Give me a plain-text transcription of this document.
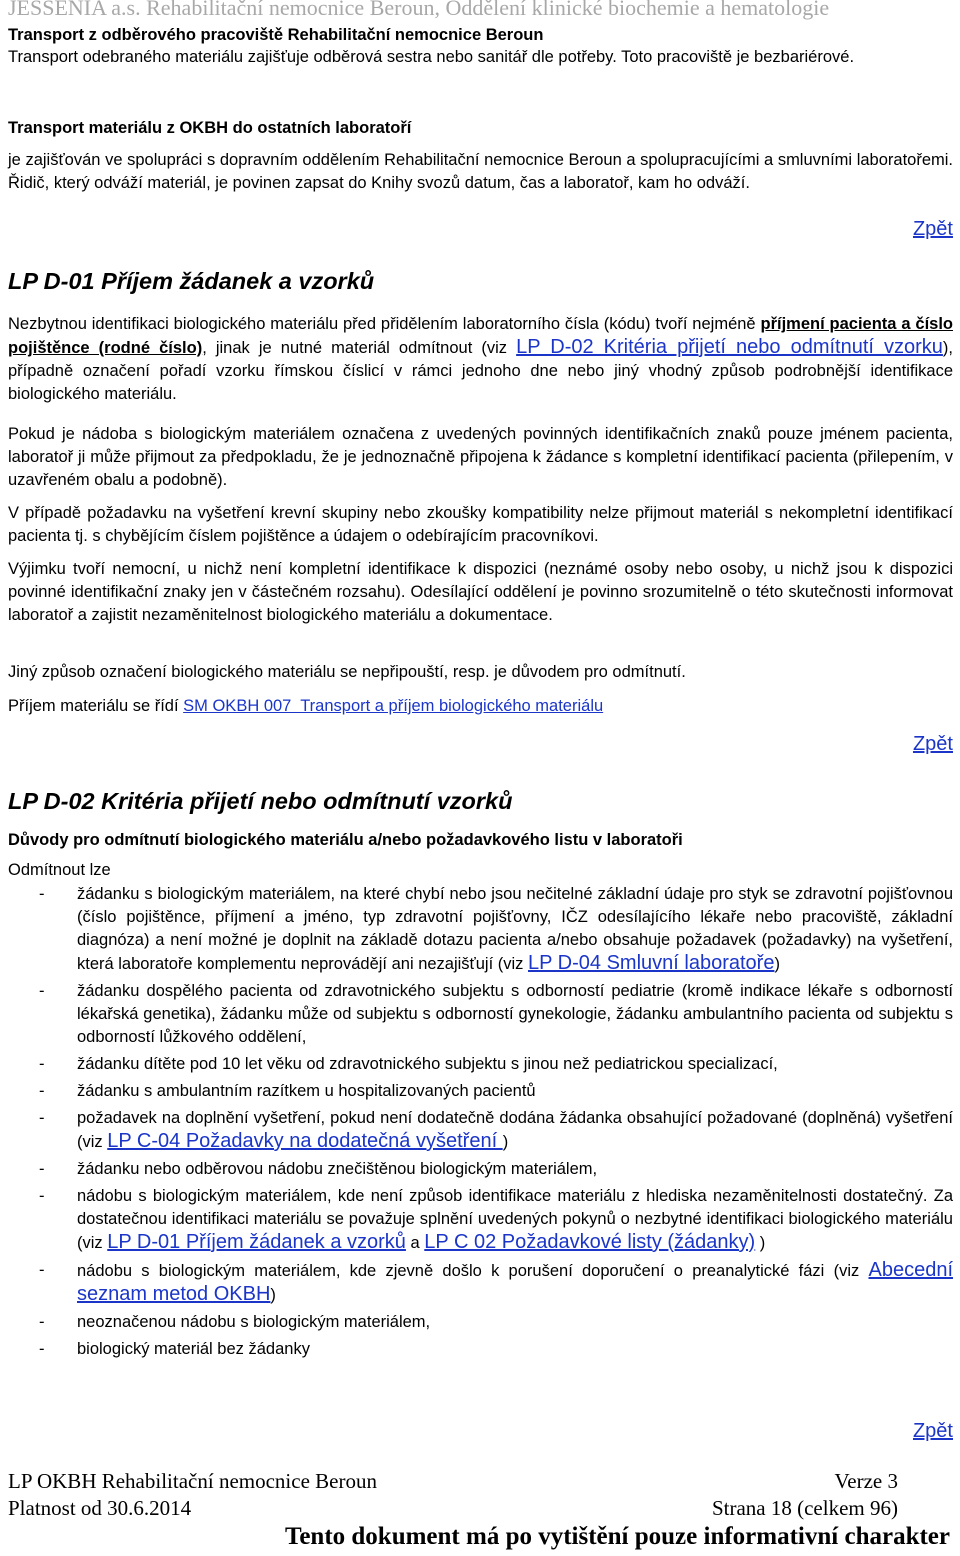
JESSENIA a.s. Rehabilitační nemocnice Beroun, Oddělení klinické biochemie a hematologie
Transport z odběrového pracoviště Rehabilitační nemocnice Beroun
Transport odebraného materiálu zajišťuje odběrová sestra nebo sanitář dle potřeby. Toto pracoviště je bezbariérové.
Transport materiálu z OKBH do ostatních laboratoří
je zajišťován ve spolupráci s dopravním oddělením Rehabilitační nemocnice Beroun a spolupracujícími a smluvními laboratořemi. Řidič, který odváží materiál, je povinen zapsat do Knihy svozů datum, čas a laboratoř, kam ho odváží.
Zpět
LP D-01 Příjem žádanek a vzorků
Nezbytnou identifikaci biologického materiálu před přidělením laboratorního čísla (kódu) tvoří nejméně příjmení pacienta a číslo pojištěnce (rodné číslo), jinak je nutné materiál odmítnout (viz LP D-02 Kritéria přijetí nebo odmítnutí vzorku), případně označení pořadí vzorku římskou číslicí v rámci jednoho dne nebo jiný vhodný způsob podrobnější identifikace biologického materiálu.
Pokud je nádoba s biologickým materiálem označena z uvedených povinných identifikačních znaků pouze jménem pacienta, laboratoř ji může přijmout za předpokladu, že je jednoznačně připojena k žádance s kompletní identifikací pacienta (přilepením, v uzavřeném obalu a podobně).
V případě požadavku na vyšetření krevní skupiny nebo zkoušky kompatibility nelze přijmout materiál s nekompletní identifikací pacienta tj. s chybějícím číslem pojištěnce a údajem o odebírajícím pracovníkovi.
Výjimku tvoří nemocní, u nichž není kompletní identifikace k dispozici (neznámé osoby nebo osoby, u nichž jsou k dispozici povinné identifikační znaky jen v částečném rozsahu). Odesílající oddělení je povinno srozumitelně o této skutečnosti informovat laboratoř a zajistit nezaměnitelnost biologického materiálu a dokumentace.
Jiný způsob označení biologického materiálu se nepřipouští, resp. je důvodem pro odmítnutí.
Příjem materiálu se řídí SM OKBH 007  Transport a příjem biologického materiálu
Zpět
LP D-02 Kritéria přijetí nebo odmítnutí vzorků
Důvody pro odmítnutí biologického materiálu a/nebo požadavkového listu v laboratoři
Odmítnout lze
- žádanku s biologickým materiálem, na které chybí nebo jsou nečitelné základní údaje pro styk se zdravotní pojišťovnou (číslo pojištěnce, příjmení a jméno, typ zdravotní pojišťovny, IČZ odesílajícího lékaře nebo pracoviště, základní diagnóza) a není možné je doplnit na základě dotazu pacienta a/nebo obsahuje požadavek (požadavky) na vyšetření, která laboratoře komplementu neprovádějí ani nezajišťují (viz LP D-04 Smluvní laboratoře)
- žádanku dospělého pacienta od zdravotnického subjektu s odborností pediatrie (kromě indikace lékaře s odborností lékařská genetika), žádanku může od subjektu s odborností gynekologie, žádanku ambulantního pacienta od subjektu s odborností lůžkového oddělení,
- žádanku dítěte pod 10 let věku od zdravotnického subjektu s jinou než pediatrickou specializací,
- žádanku s ambulantním razítkem u hospitalizovaných pacientů
- požadavek na doplnění vyšetření, pokud není dodatečně dodána žádanka obsahující požadované (doplněná) vyšetření (viz LP C-04 Požadavky na dodatečná vyšetření )
- žádanku nebo odběrovou nádobu znečištěnou biologickým materiálem,
- nádobu s biologickým materiálem, kde není způsob identifikace materiálu z hlediska nezaměnitelnosti dostatečný. Za dostatečnou identifikaci materiálu se považuje splnění uvedených pokynů o nezbytné identifikaci biologického materiálu (viz LP D-01 Příjem žádanek a vzorků a LP C 02 Požadavkové listy (žádanky) )
- nádobu s biologickým materiálem, kde zjevně došlo k porušení doporučení o preanalytické fázi (viz Abecední seznam metod OKBH)
- neoznačenou nádobu s biologickým materiálem,
- biologický materiál bez žádanky
Zpět
LP OKBH Rehabilitační nemocnice Beroun	Verze 3
Platnost od 30.6.2014	Strana 18 (celkem 96)
Tento dokument má po vytištění pouze informativní charakter
